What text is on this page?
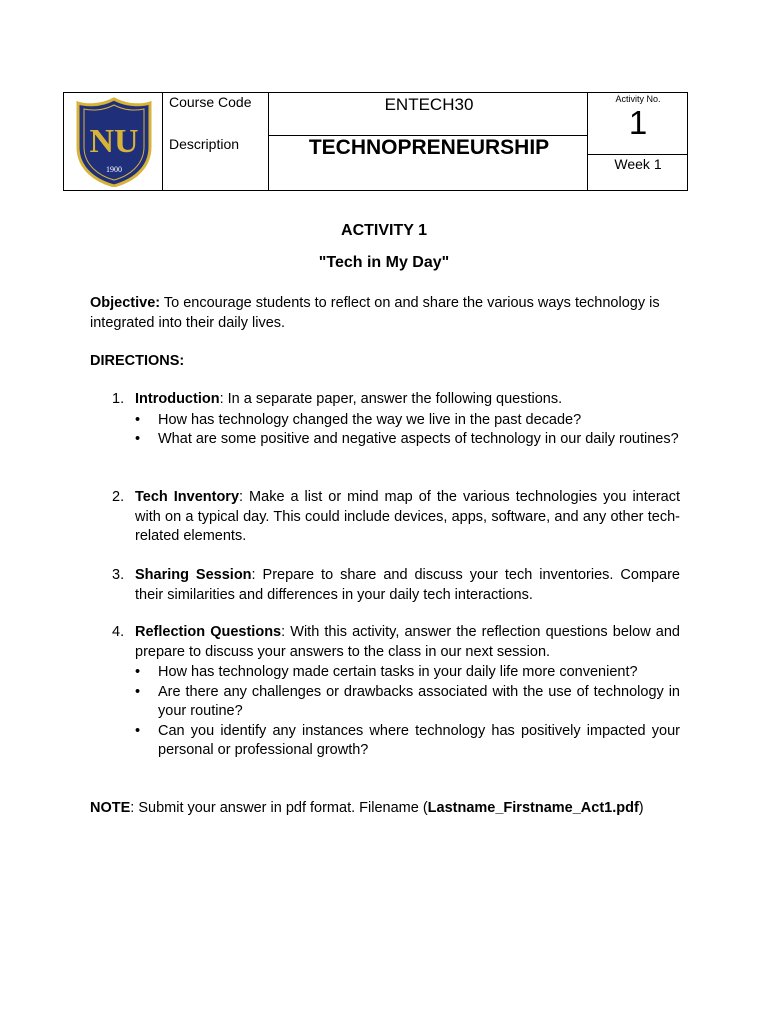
NU
1900
Course Code
Description
ENTECH30
TECHNOPRENEURSHIP
Activity No.
1
Week 1
ACTIVITY 1
"Tech in My Day"
Objective: To encourage students to reflect on and share the various ways technology is integrated into their daily lives.
DIRECTIONS:
1. Introduction: In a separate paper, answer the following questions.
• How has technology changed the way we live in the past decade?
• What are some positive and negative aspects of technology in our daily routines?
2. Tech Inventory: Make a list or mind map of the various technologies you interact with on a typical day. This could include devices, apps, software, and any other tech-related elements.
3. Sharing Session: Prepare to share and discuss your tech inventories. Compare their similarities and differences in your daily tech interactions.
4. Reflection Questions: With this activity, answer the reflection questions below and prepare to discuss your answers to the class in our next session.
• How has technology made certain tasks in your daily life more convenient?
• Are there any challenges or drawbacks associated with the use of technology in your routine?
• Can you identify any instances where technology has positively impacted your personal or professional growth?
NOTE: Submit your answer in pdf format. Filename (Lastname_Firstname_Act1.pdf)
